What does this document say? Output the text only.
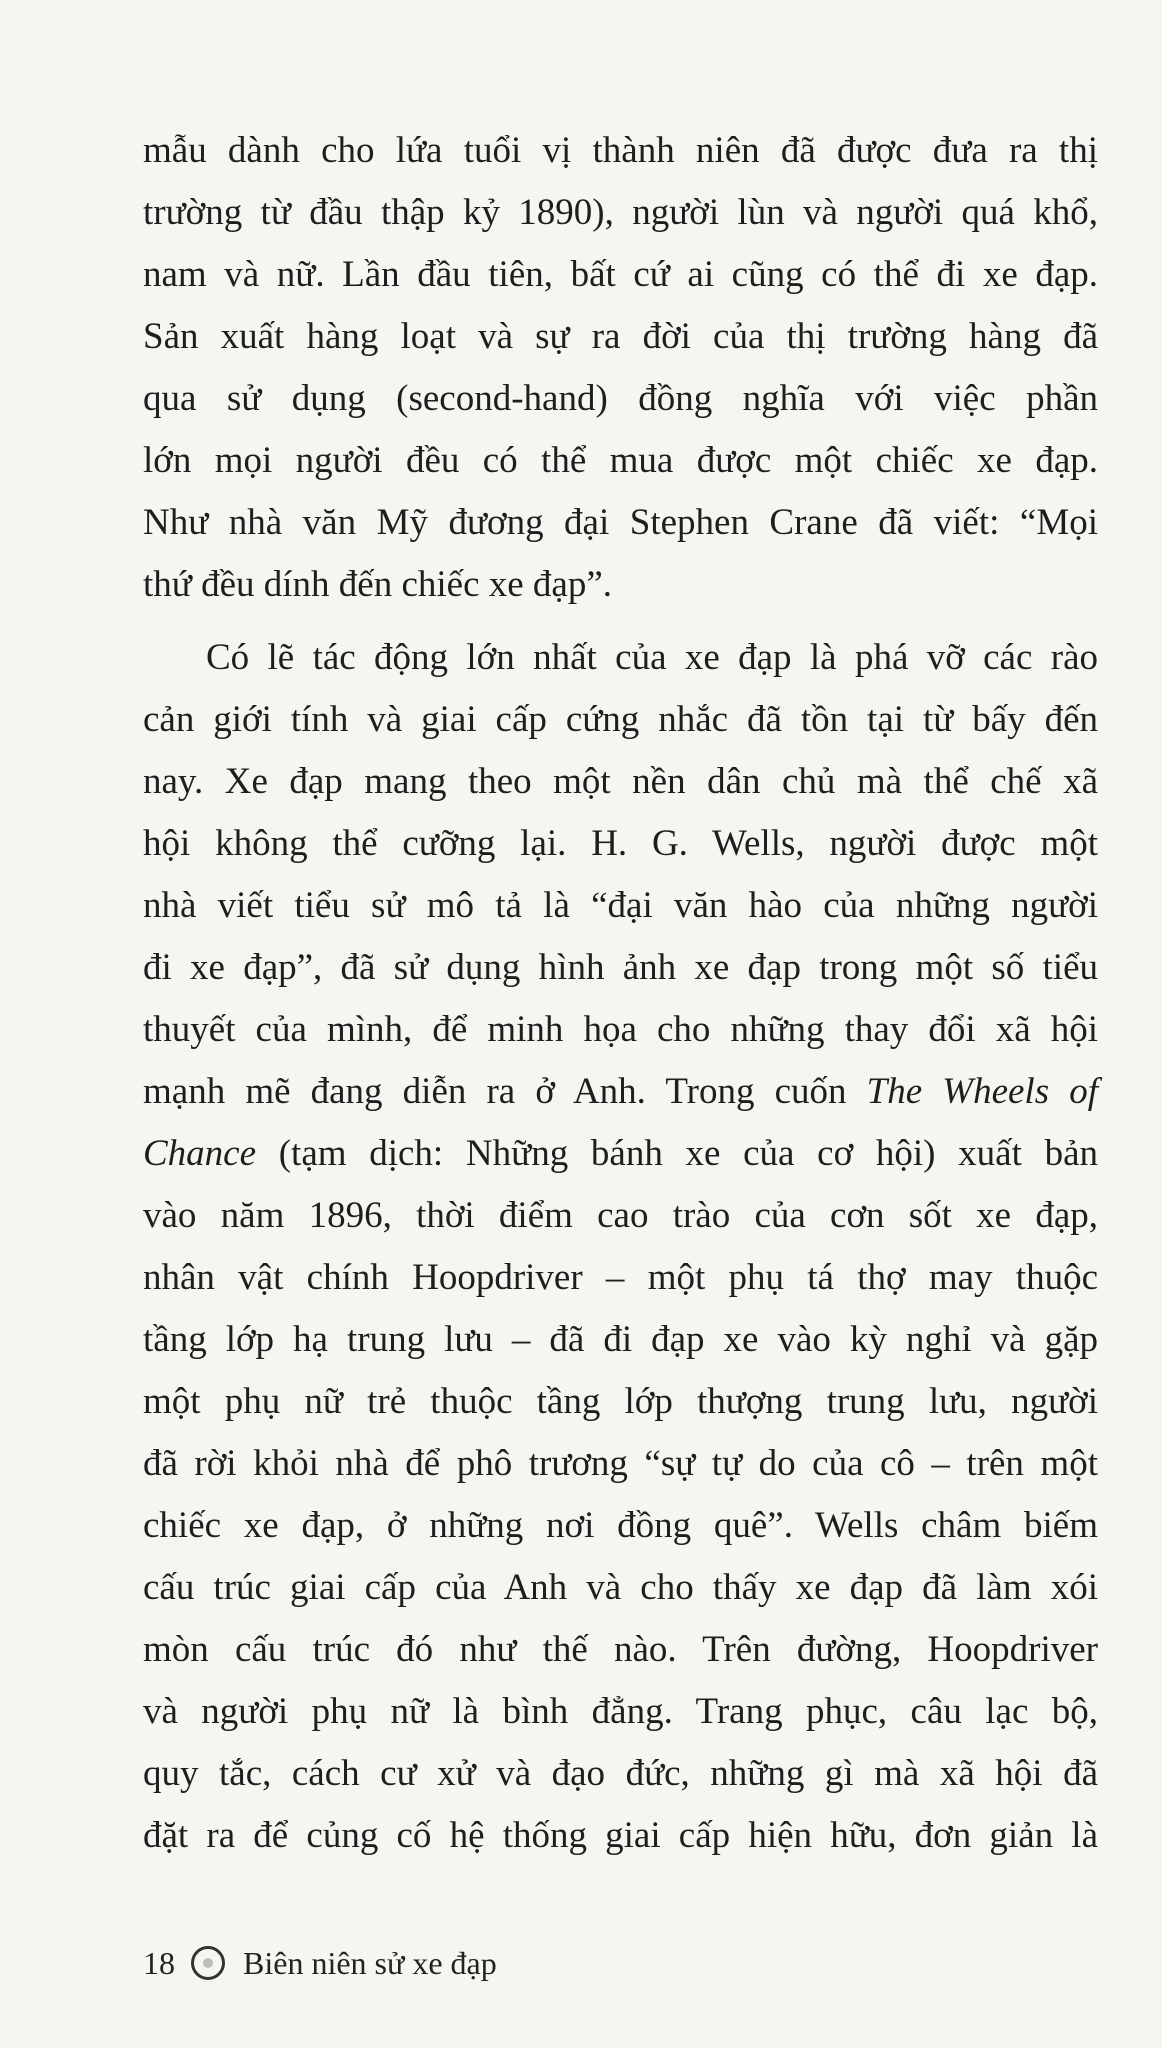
mẫu dành cho lứa tuổi vị thành niên đã được đưa ra thị
trường từ đầu thập kỷ 1890), người lùn và người quá khổ,
nam và nữ. Lần đầu tiên, bất cứ ai cũng có thể đi xe đạp.
Sản xuất hàng loạt và sự ra đời của thị trường hàng đã
qua sử dụng (second-hand) đồng nghĩa với việc phần
lớn mọi người đều có thể mua được một chiếc xe đạp.
Như nhà văn Mỹ đương đại Stephen Crane đã viết: “Mọi
thứ đều dính đến chiếc xe đạp”.
Có lẽ tác động lớn nhất của xe đạp là phá vỡ các rào
cản giới tính và giai cấp cứng nhắc đã tồn tại từ bấy đến
nay. Xe đạp mang theo một nền dân chủ mà thể chế xã
hội không thể cưỡng lại. H. G. Wells, người được một
nhà viết tiểu sử mô tả là “đại văn hào của những người
đi xe đạp”, đã sử dụng hình ảnh xe đạp trong một số tiểu
thuyết của mình, để minh họa cho những thay đổi xã hội
mạnh mẽ đang diễn ra ở Anh. Trong cuốn The Wheels of
Chance (tạm dịch: Những bánh xe của cơ hội) xuất bản
vào năm 1896, thời điểm cao trào của cơn sốt xe đạp,
nhân vật chính Hoopdriver – một phụ tá thợ may thuộc
tầng lớp hạ trung lưu – đã đi đạp xe vào kỳ nghỉ và gặp
một phụ nữ trẻ thuộc tầng lớp thượng trung lưu, người
đã rời khỏi nhà để phô trương “sự tự do của cô – trên một
chiếc xe đạp, ở những nơi đồng quê”. Wells châm biếm
cấu trúc giai cấp của Anh và cho thấy xe đạp đã làm xói
mòn cấu trúc đó như thế nào. Trên đường, Hoopdriver
và người phụ nữ là bình đẳng. Trang phục, câu lạc bộ,
quy tắc, cách cư xử và đạo đức, những gì mà xã hội đã
đặt ra để củng cố hệ thống giai cấp hiện hữu, đơn giản là
18 Biên niên sử xe đạp
